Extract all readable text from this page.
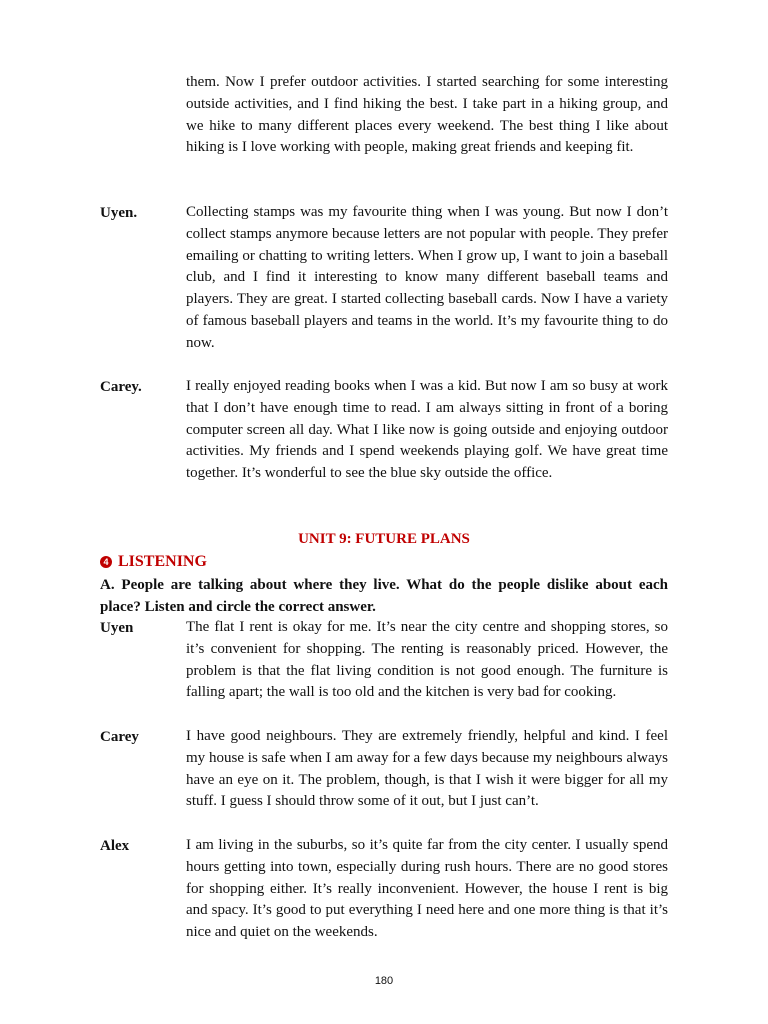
them. Now I prefer outdoor activities. I started searching for some interesting outside activities, and I find hiking the best. I take part in a hiking group, and we hike to many different places every weekend. The best thing I like about hiking is I love working with people, making great friends and keeping fit.
Uyen.	Collecting stamps was my favourite thing when I was young. But now I don’t collect stamps anymore because letters are not popular with people. They prefer emailing or chatting to writing letters. When I grow up, I want to join a baseball club, and I find it interesting to know many different baseball teams and players. They are great. I started collecting baseball cards. Now I have a variety of famous baseball players and teams in the world. It’s my favourite thing to do now.
Carey.	I really enjoyed reading books when I was a kid. But now I am so busy at work that I don’t have enough time to read. I am always sitting in front of a boring computer screen all day. What I like now is going outside and enjoying outdoor activities. My friends and I spend weekends playing golf. We have great time together. It’s wonderful to see the blue sky outside the office.
UNIT 9: FUTURE PLANS
4 LISTENING
A. People are talking about where they live. What do the people dislike about each place? Listen and circle the correct answer.
Uyen	The flat I rent is okay for me. It’s near the city centre and shopping stores, so it’s convenient for shopping. The renting is reasonably priced. However, the problem is that the flat living condition is not good enough. The furniture is falling apart; the wall is too old and the kitchen is very bad for cooking.
Carey	I have good neighbours. They are extremely friendly, helpful and kind. I feel my house is safe when I am away for a few days because my neighbours always have an eye on it. The problem, though, is that I wish it were bigger for all my stuff. I guess I should throw some of it out, but I just can’t.
Alex	I am living in the suburbs, so it’s quite far from the city center. I usually spend hours getting into town, especially during rush hours. There are no good stores for shopping either. It’s really inconvenient. However, the house I rent is big and spacy. It’s good to put everything I need here and one more thing is that it’s nice and quiet on the weekends.
180
